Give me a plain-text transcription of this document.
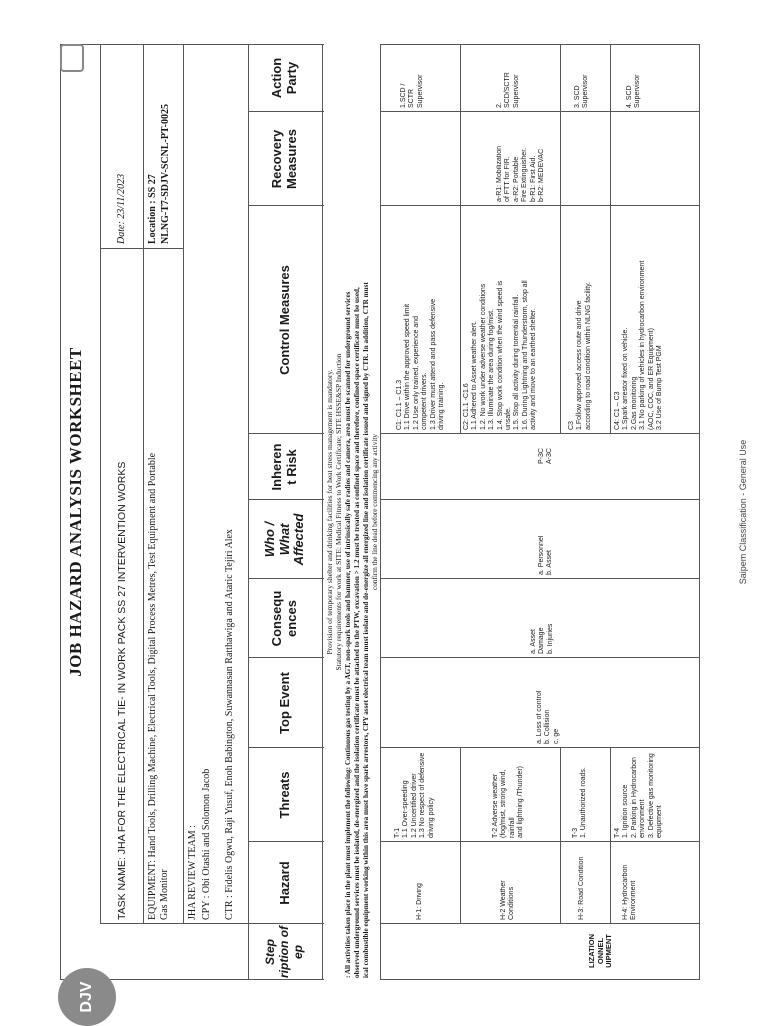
DJV
JOB HAZARD ANALYSIS WORKSHEET	TASK NAME: JHA FOR THE ELECTRICAL TIE- IN WORK PACK SS 27 INTERVENTION WORKS
Date: 23/11/2023
EQUIPMENT: Hand Tools, Drilling Machine, Electrical Tools, Digital Process Metres, Test Equipment and Portable
Gas Monitor
Location : SS 27 NLNG-T7-SDJV-SCNL-PT-0025
JHA REVIEW TEAM : CPY : Obi Otashi and Solomon Jacob CTR : Fidelis Ogwu, Raji Yusuf, Enoh Babington, Suwannasan Ratthawiga and Ataric Tejiri Alex
Step
ription of
ep
Hazard
Threats
Top Event
Consequ
ences
Who /
What
Affected
Inheren
t Risk
Control Measures
Recovery
Measures
Action
Party
Provision of temporary shelter and drinking facilities for heat stress management is mandatory. Statutory requirements for work at SITE: Medical Fitness to Work Certificate; SITE HSSE&SP Induction : All activities taken place in the plant must implement the following: Continuous gas testing by a AGT, non-spark tools and hammer, use of intrinsically safe radios and camera, area must be scanned for underground services observed underground services must be isolated, de-energized and the isolation certificate must be attached to the PTW, excavation > 1.2 must be treated as confined space and therefore, confined space certificate must be used, ical combustible equipment working within this area must have spark arrestors, CPY asset electrical team must isolate and de-energize all energized line and isolation certificate issued and signed by CTR. In addition, CTR must confirm the line dead before commencing any activity
LIZATION
ONNEL
UIPMENT
H-1: Driving
T-1
1.1 Over-speeding
1.2 Uncertified driver
1.3 No respect of defensive
driving policy
C1: C1.1 – C1.3
1.1 Drive within the approved speed limit
1.2 Use only trained, experience and
competent drivers.
1.3 Driver must attend and pass defensive
driving training.
1.SCD /
SCTR
Supervisor
H-2 Weather
Conditions
T-2 Adverse weather
(fog/mist, strong wind, rainfall
and lightning /Thunder)
C2: C1.1 -C1.6
1.1 Adhered to Asset weather alert.
1.2. No work under adverse weather conditions
1.3. Illuminate the area during fog/mist.
1.4. Stop work condition when the wind speed is
unsafe.
1.5. Stop all activity during torrential rainfall.
1.6. During Lightning and Thunderstorm, stop all
activity and move to an earthed shelter.
a-R1: Mobilization
of FTT for FIR.
a-R2: Portable
Fire Extinguisher.
b-R1: First Aid.
b-R2: MEDEVAC
2.
SCD/SCTR
Supervisor
H-3: Road Condition
T-3
1. Unauthorized roads.
C3
1.Follow approved access route and drive
according to road condition within NLNG facility.
3. SCD
Supervisor
H-4: Hydrocarbon
Environment
T-4
1. Ignition source
2. Parking in Hydrocarbon
environment
3. Defective gas monitoring
equipment
C4: C1 – C3
1.Spark arrestor fixed on vehicle.
2.Gas monitoring
3.1 No parking of vehicles in hydrocarbon environment
(AOC, COC, and ER Equipment)
3.2 Use of Bump Test PGM
4. SCD
Supervisor
a. Loss of control
b. Collision
c. ge
a. Asset
Damage
b. Injuries
a. Personnel
b. Asset
P-3C
A-3C	Saipem Classification - General Use
